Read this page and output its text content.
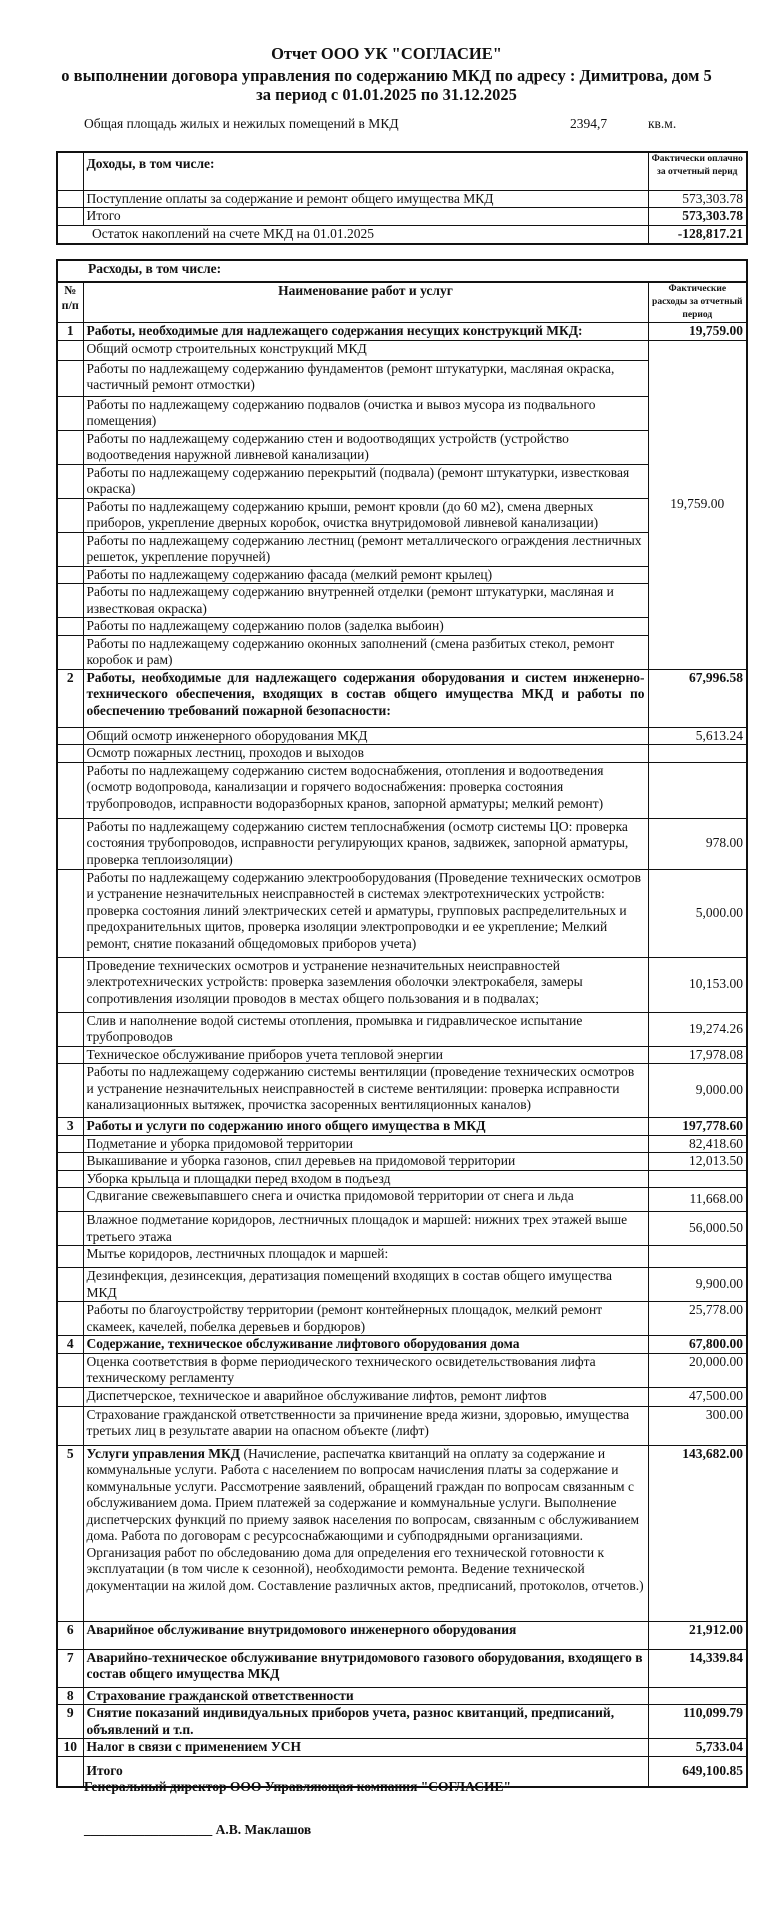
Отчет ООО УК "СОГЛАСИЕ"
о выполнении договора управления по содержанию МКД по адресу : Димитрова, дом 5
за период с 01.01.2025 по 31.12.2025
Общая площадь жилых и нежилых помещений в МКД	2394,7	кв.м.
	Доходы, в том числе:	Фактически оплачно за отчетный перид
	Поступление оплаты за содержание и ремонт общего имущества МКД	573,303.78
	Итого	573,303.78
Остаток накоплений на счете МКД на 01.01.2025		-128,817.21
Расходы, в том числе:		
№ п/п	Наименование работ и услуг	Фактические расходы за отчетный период
1	Работы, необходимые для надлежащего содержания несущих конструкций МКД:	19,759.00
	Общий осмотр строительных конструкций МКД	19,759.00
	Работы по надлежащему содержанию фундаментов (ремонт штукатурки, масляная окраска, частичный ремонт отмостки)	
	Работы по надлежащему содержанию подвалов (очистка и вывоз мусора из подвального помещения)	
	Работы по надлежащему содержанию стен и водоотводящих устройств (устройство водоотведения наружной ливневой канализации)	
	Работы по надлежащему содержанию перекрытий (подвала) (ремонт штукатурки, известковая окраска)	
	Работы по надлежащему содержанию крыши, ремонт кровли (до 60 м2), смена дверных приборов, укрепление дверных коробок, очистка внутридомовой ливневой канализации)	
	Работы по надлежащему содержанию лестниц (ремонт металлического ограждения лестничных решеток, укрепление поручней)	
	Работы по надлежащему содержанию фасада (мелкий ремонт крылец)	
	Работы по надлежащему содержанию внутренней отделки (ремонт штукатурки, масляная и известковая окраска)	
	Работы по надлежащему содержанию полов (заделка выбоин)	
	Работы по надлежащему содержанию оконных заполнений (смена разбитых стекол, ремонт коробок и рам)	
2	Работы, необходимые для надлежащего содержания оборудования и систем инженерно-технического обеспечения, входящих в состав общего имущества МКД и работы по обеспечению требований пожарной безопасности:	67,996.58
	Общий осмотр инженерного оборудования МКД	5,613.24
	Осмотр пожарных лестниц, проходов и выходов	
	Работы по надлежащему содержанию систем водоснабжения, отопления и водоотведения (осмотр водопровода, канализации и горячего водоснабжения: проверка состояния трубопроводов, исправности водоразборных кранов, запорной арматуры; мелкий ремонт)	
	Работы по надлежащему содержанию систем теплоснабжения (осмотр системы ЦО: проверка состояния трубопроводов, исправности регулирующих кранов, задвижек, запорной арматуры, проверка теплоизоляции)	978.00
	Работы по надлежащему содержанию электрооборудования (Проведение технических осмотров и устранение незначительных неисправностей в системах электротехнических устройств: проверка состояния линий электрических сетей и арматуры, групповых распределительных и предохранительных щитов, проверка изоляции электропроводки и ее укрепление; Мелкий ремонт, снятие показаний общедомовых приборов учета)	5,000.00
	Проведение технических осмотров и устранение незначительных неисправностей электротехнических устройств: проверка заземления оболочки электрокабеля, замеры сопротивления изоляции проводов в местах общего пользования и в подвалах;	10,153.00
	Слив и наполнение водой системы отопления, промывка и гидравлическое испытание трубопроводов	19,274.26
	Техническое обслуживание приборов учета тепловой энергии	17,978.08
	Работы по надлежащему содержанию системы вентиляции (проведение технических осмотров и устранение незначительных неисправностей в системе вентиляции: проверка исправности канализационных вытяжек, прочистка засоренных вентиляционных каналов)	9,000.00
3	Работы и услуги по содержанию иного общего имущества в МКД	197,778.60
	Подметание и уборка придомовой территории	82,418.60
	Выкашивание и уборка газонов, спил деревьев на придомовой территории	12,013.50
	Уборка крыльца и площадки перед входом в подъезд	
	Сдвигание свежевыпавшего снега и очистка придомовой территории от снега и льда	11,668.00
	Влажное подметание коридоров, лестничных площадок и маршей: нижних трех этажей выше третьего этажа	56,000.50
	Мытье коридоров, лестничных площадок и маршей:	
	Дезинфекция, дезинсекция, дератизация помещений входящих в состав общего имущества МКД	9,900.00
	Работы по благоустройству территории (ремонт контейнерных площадок, мелкий ремонт скамеек, качелей, побелка деревьев и бордюров)	25,778.00
4	Содержание, техническое обслуживание лифтового оборудования дома	67,800.00
	Оценка соответствия в форме периодического технического освидетельствования лифта техническому регламенту	20,000.00
	Диспетчерское, техническое и аварийное обслуживание лифтов, ремонт лифтов	47,500.00
	Страхование гражданской ответственности за причинение вреда жизни, здоровью, имущества третьих лиц в результате аварии на опасном объекте (лифт)	300.00
5	Услуги управления МКД (Начисление, распечатка квитанций на оплату за содержание и коммунальные услуги. Работа с населением по вопросам начисления платы за содержание и коммунальные услуги. Рассмотрение заявлений, обращений граждан по вопросам связанным с обслуживанием дома. Прием платежей за содержание и коммунальные услуги. Выполнение диспетчерских функций по приему заявок населения по вопросам, связанным с обслуживанием дома. Работа по договорам с ресурсоснабжающими и субподрядными организациями. Организация работ по обследованию дома для определения его технической готовности к эксплуатации (в том числе к сезонной), необходимости ремонта. Ведение технической документации на жилой дом. Составление различных актов, предписаний, протоколов, отчетов.)	143,682.00
6	Аварийное обслуживание внутридомового инженерного оборудования	21,912.00
7	Аварийно-техническое обслуживание внутридомового газового оборудования, входящего в состав общего имущества МКД	14,339.84
8	Страхование гражданской ответственности	
9	Снятие показаний индивидуальных приборов учета, разнос квитанций, предписаний, объявлений и т.п.	110,099.79
10	Налог в связи с применением УСН	5,733.04
	Итого	649,100.85
Генеральный директор ООО Управляющая компания "СОГЛАСИЕ"
___________________ А.В. Маклашов
